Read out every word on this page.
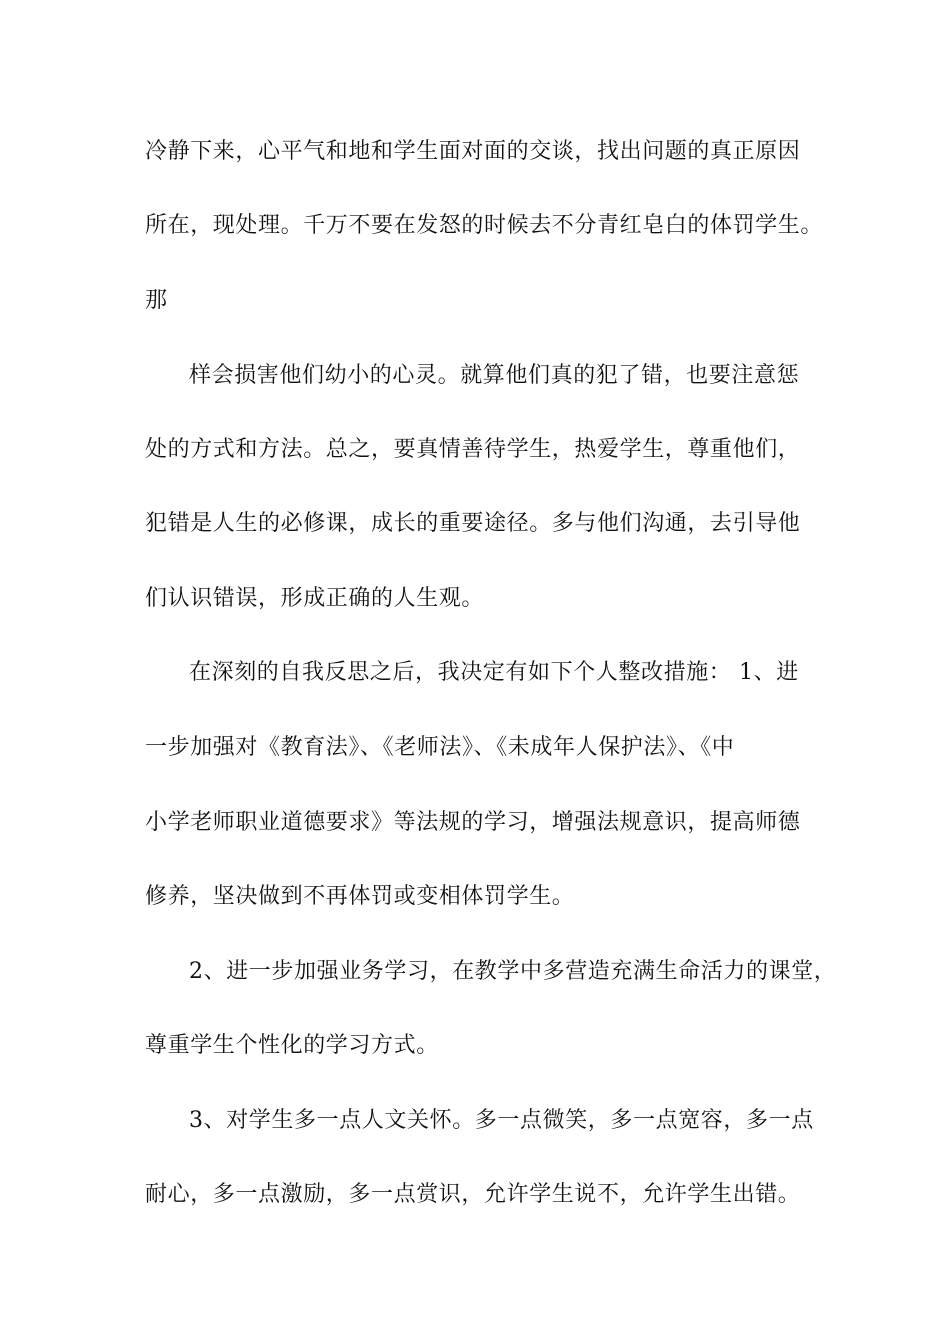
冷静下来，心平气和地和学生面对面的交谈，找出问题的真正原因
所在，现处理。千万不要在发怒的时候去不分青红皂白的体罚学生。
那
样会损害他们幼小的心灵。就算他们真的犯了错，也要注意惩
处的方式和方法。总之，要真情善待学生，热爱学生，尊重他们，
犯错是人生的必修课，成长的重要途径。多与他们沟通，去引导他
们认识错误，形成正确的人生观。
在深刻的自我反思之后，我决定有如下个人整改措施： 1、进
一步加强对《教育法》、《老师法》、《未成年人保护法》、《中
小学老师职业道德要求》等法规的学习，增强法规意识，提高师德
修养，坚决做到不再体罚或变相体罚学生。
2、进一步加强业务学习，在教学中多营造充满生命活力的课堂，
尊重学生个性化的学习方式。
3、对学生多一点人文关怀。多一点微笑，多一点宽容，多一点
耐心，多一点激励，多一点赏识，允许学生说不，允许学生出错。
